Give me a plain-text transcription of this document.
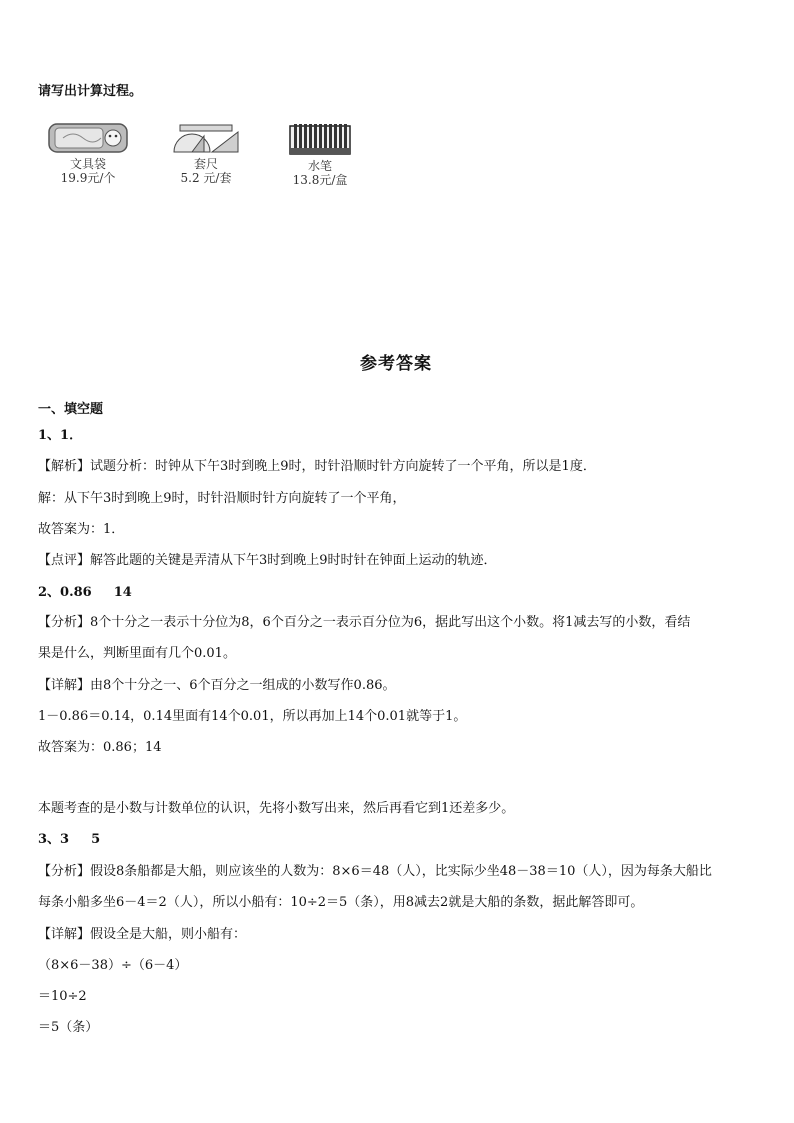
请写出计算过程。
文具袋
19.9元/个
套尺
5.2 元/套
水笔
13.8元/盒
参考答案
一、填空题
1、1．
【解析】试题分析：时钟从下午3时到晚上9时，时针沿顺时针方向旋转了一个平角，所以是1度．
解：从下午3时到晚上9时，时针沿顺时针方向旋转了一个平角，
故答案为：1．
【点评】解答此题的关键是弄清从下午3时到晚上9时时针在钟面上运动的轨迹．
2、0.86　  14
【分析】8个十分之一表示十分位为8，6个百分之一表示百分位为6，据此写出这个小数。将1减去写的小数，看结
果是什么，判断里面有几个0.01。
【详解】由8个十分之一、6个百分之一组成的小数写作0.86。
1－0.86＝0.14，0.14里面有14个0.01，所以再加上14个0.01就等于1。
故答案为：0.86；14
本题考查的是小数与计数单位的认识，先将小数写出来，然后再看它到1还差多少。
3、3　  5
【分析】假设8条船都是大船，则应该坐的人数为：8×6＝48（人），比实际少坐48－38＝10（人），因为每条大船比
每条小船多坐6－4＝2（人），所以小船有：10÷2＝5（条），用8减去2就是大船的条数，据此解答即可。
【详解】假设全是大船，则小船有：
（8×6－38）÷（6－4）
＝10÷2
＝5（条）
